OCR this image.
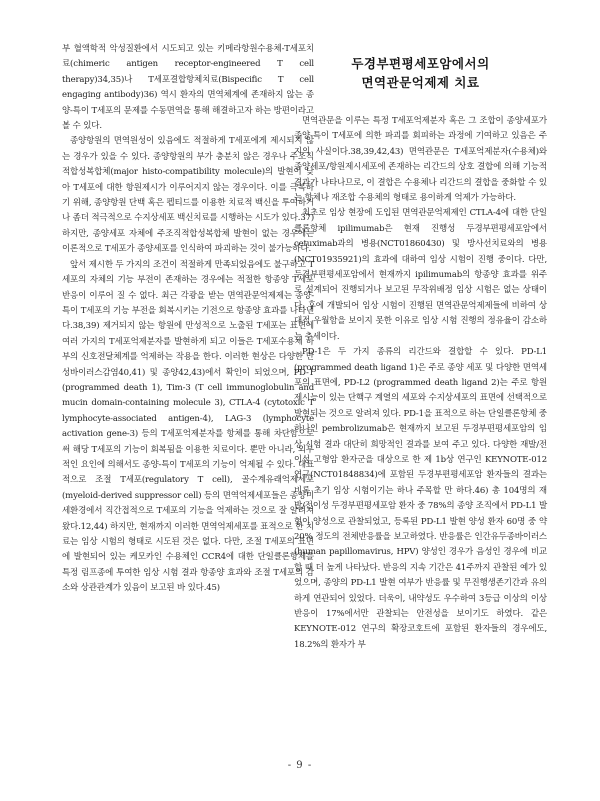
부 혈액학적 악성질환에서 시도되고 있는 키메라항원수용체-T세포치료(chimeric antigen receptor-engineered T cell therapy)34,35)나 T세포결합항체치료(Bispecific T cell engaging antibody)36) 역시 환자의 면역체계에 존재하지 않는 종양-특이 T세포의 문제를 수동면역을 통해 해결하고자 하는 방편이라고 볼 수 있다.

종양항원의 면역원성이 있음에도 적절하게 T세포에게 제시되지 않는 경우가 있을 수 있다. 종양항원의 부가 충분치 않은 경우나 주조직적합성복합체(major histo-compatibility molecule)의 발현이 낮아 T세포에 대한 항원제시가 이루어지지 않는 경우이다. 이를 극복하기 위해, 종양항원 단백 혹은 펩티드를 이용한 치료적 백신을 투여하거나 좀더 적극적으로 수지상세포 백신치료를 시행하는 시도가 있다.37) 하지만, 종양세포 자체에 주조직적합성복합체 발현이 없는 경우에는 이론적으로 T세포가 종양세포를 인식하여 파괴하는 것이 불가능하다.

앞서 제시한 두 가지의 조건이 적절하게 만족되었음에도 불구하고 T세포의 자체의 기능 부전이 존재하는 경우에는 적절한 항종양 T세포 반응이 이루어 질 수 없다. 최근 각광을 받는 면역관문억제제는 종양-특이 T세포의 기능 부전을 회복시키는 기전으로 항종양 효과를 나타낸다.38,39) 제거되지 않는 항원에 만성적으로 노출된 T세포는 표면에 여러 가지의 T세포억제분자를 발현하게 되고 이들은 T세포수용체 하부의 신호전달체계를 억제하는 작용을 한다. 이러한 현상은 다양한 만성바이러스감염40,41) 및 종양42,43)에서 확인이 되었으며, PD-1 (programmed death 1), Tim-3 (T cell immunoglobulin and mucin domain-containing molecule 3), CTLA-4 (cytotoxic T lymphocyte-associated antigen-4), LAG-3 (lymphocyte activation gene-3) 등의 T세포억제분자를 항체를 통해 차단함으로써 해당 T세포의 기능이 회복됨을 이용한 치료이다. 뿐만 아니라, 외부적인 요인에 의해서도 종양-특이 T세포의 기능이 억제될 수 있다. 대표적으로 조절 T세포(regulatory T cell), 골수계유래억제세포(myeloid-derived suppressor cell) 등의 면역억제세포들은 종양미세환경에서 직간접적으로 T세포의 기능을 억제하는 것으로 잘 알려져 왔다.12,44) 하지만, 현재까지 이러한 면역억제세포를 표적으로 한 치료는 임상 시험의 형태로 시도된 것은 없다. 다만, 조절 T세포의 표면에 발현되어 있는 케모카인 수용체인 CCR4에 대한 단일클론항체를 특정 림프종에 투여한 임상 시험 결과 항종양 효과와 조절 T세포의 감소와 상관관계가 있음이 보고된 바 있다.45)

두경부편평세포암에서의
면역관문억제제 치료

면역관문을 이루는 특정 T세포억제분자 혹은 그 조합이 종양세포가 종양-특이 T세포에 의한 파괴를 회피하는 과정에 기여하고 있음은 주지의 사실이다.38,39,42,43) 면역관문은 T세포억제분자(수용체)와 종양세포/항원제시세포에 존재하는 리간드의 상호 결합에 의해 기능적 결과가 나타나므로, 이 결합은 수용체나 리간드의 결합을 중화할 수 있는 항체나 재조합 수용체의 형태로 용이하게 억제가 가능하다.

최초로 임상 현장에 도입된 면역관문억제제인 CTLA-4에 대한 단일클론항체 ipilimumab은 현재 진행성 두경부편평세포암에서 cetuximab과의 병용(NCT01860430) 및 방사선치료와의 병용(NCT01935921)의 효과에 대하여 임상 시험이 진행 중이다. 다만, 두경부편평세포암에서 현재까지 ipilimumab의 항종양 효과를 위주로 설계되어 진행되거나 보고된 무작위배정 임상 시험은 없는 상태이다. 후에 개발되어 임상 시험이 진행된 면역관문억제제들에 비하여 상대적 우월함을 보이지 못한 이유로 임상 시험 진행의 정유율이 감소하는 추세이다.

PD-1은 두 가지 종류의 리간드와 결합할 수 있다. PD-L1 (programmed death ligand 1)은 주로 종양 세포 및 다양한 면역세포의 표면에, PD-L2 (programmed death ligand 2)는 주로 항원 제시능이 있는 단핵구 계열의 세포와 수지상세포의 표면에 선택적으로 발현되는 것으로 알려져 있다. PD-1을 표적으로 하는 단일클론항체 중 하나인 pembrolizumab은 현재까지 보고된 두경부편평세포암의 임상 시험 결과 대단히 희망적인 결과를 보여 주고 있다. 다양한 재발/전이성 고형암 환자군을 대상으로 한 제 1b상 연구인 KEYNOTE-012 연구(NCT01848834)에 포함된 두경부편평세포암 환자들의 결과는 비록 초기 임상 시험이기는 하나 주목할 만 하다.46) 총 104명의 재발/전이성 두경부편평세포암 환자 중 78%의 종양 조직에서 PD-L1 발현이 양성으로 관찰되었고, 등록된 PD-L1 발현 양성 환자 60명 중 약 20% 정도의 전체반응률을 보고하였다. 반응률은 인간유두종바이러스(human papillomavirus, HPV) 양성인 경우가 음성인 경우에 비교할 때 더 높게 나타났다. 반응의 지속 기간은 41주까지 관찰된 예가 있었으며, 종양의 PD-L1 발현 여부가 반응률 및 무진행생존기간과 유의하게 연관되어 있었다. 더욱이, 내약성도 우수하여 3등급 이상의 이상 반응이 17%에서만 관찰되는 안전성을 보이기도 하였다. 같은 KEYNOTE-012 연구의 확장코호트에 포함된 환자들의 경우에도, 18.2%의 환자가 부

- 9 -
